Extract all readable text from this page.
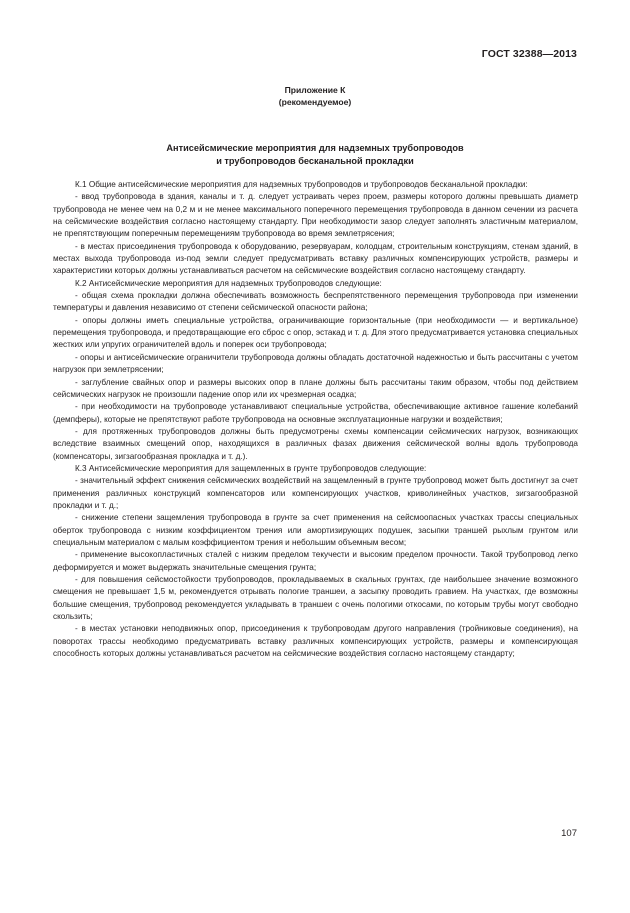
ГОСТ 32388—2013
Приложение К
(рекомендуемое)
Антисейсмические мероприятия для надземных трубопроводов
и трубопроводов бесканальной прокладки

К.1 Общие антисейсмические мероприятия для надземных трубопроводов и трубопроводов бесканальной прокладки:

- ввод трубопровода в здания, каналы и т. д. следует устраивать через проем, размеры которого должны превышать диаметр трубопровода не менее чем на 0,2 м и не менее максимального поперечного перемещения трубопровода в данном сечении из расчета на сейсмические воздействия согласно настоящему стандарту. При необходимости зазор следует заполнять эластичным материалом, не препятствующим поперечным перемещениям трубопровода во время землетрясения;

- в местах присоединения трубопровода к оборудованию, резервуарам, колодцам, строительным конструкциям, стенам зданий, в местах выхода трубопровода из-под земли следует предусматривать вставку различных компенсирующих устройств, размеры и характеристики которых должны устанавливаться расчетом на сейсмические воздействия согласно настоящему стандарту.

К.2 Антисейсмические мероприятия для надземных трубопроводов следующие:

- общая схема прокладки должна обеспечивать возможность беспрепятственного перемещения трубопровода при изменении температуры и давления независимо от степени сейсмической опасности района;

- опоры должны иметь специальные устройства, ограничивающие горизонтальные (при необходимости — и вертикальное) перемещения трубопровода, и предотвращающие его сброс с опор, эстакад и т. д. Для этого предусматривается установка специальных жестких или упругих ограничителей вдоль и поперек оси трубопровода;

- опоры и антисейсмические ограничители трубопровода должны обладать достаточной надежностью и быть рассчитаны с учетом нагрузок при землетрясении;

- заглубление свайных опор и размеры высоких опор в плане должны быть рассчитаны таким образом, чтобы под действием сейсмических нагрузок не произошли падение опор или их чрезмерная осадка;

- при необходимости на трубопроводе устанавливают специальные устройства, обеспечивающие активное гашение колебаний (демпферы), которые не препятствуют работе трубопровода на основные эксплуатационные нагрузки и воздействия;

- для протяженных трубопроводов должны быть предусмотрены схемы компенсации сейсмических нагрузок, возникающих вследствие взаимных смещений опор, находящихся в различных фазах движения сейсмической волны вдоль трубопровода (компенсаторы, зигзагообразная прокладка и т. д.).

К.3 Антисейсмические мероприятия для защемленных в грунте трубопроводов следующие:

- значительный эффект снижения сейсмических воздействий на защемленный в грунте трубопровод может быть достигнут за счет применения различных конструкций компенсаторов или компенсирующих участков, криволинейных участков, зигзагообразной прокладки и т. д.;

- снижение степени защемления трубопровода в грунте за счет применения на сейсмоопасных участках трассы специальных оберток трубопровода с низким коэффициентом трения или амортизирующих подушек, засыпки траншей рыхлым грунтом или специальным материалом с малым коэффициентом трения и небольшим объемным весом;

- применение высокопластичных сталей с низким пределом текучести и высоким пределом прочности. Такой трубопровод легко деформируется и может выдержать значительные смещения грунта;

- для повышения сейсмостойкости трубопроводов, прокладываемых в скальных грунтах, где наибольшее значение возможного смещения не превышает 1,5 м, рекомендуется отрывать пологие траншеи, а засыпку проводить гравием. На участках, где возможны большие смещения, трубопровод рекомендуется укладывать в траншеи с очень пологими откосами, по которым трубы могут свободно скользить;

- в местах установки неподвижных опор, присоединения к трубопроводам другого направления (тройниковые соединения), на поворотах трассы необходимо предусматривать вставку различных компенсирующих устройств, размеры и компенсирующая способность которых должны устанавливаться расчетом на сейсмические воздействия согласно настоящему стандарту;

107
